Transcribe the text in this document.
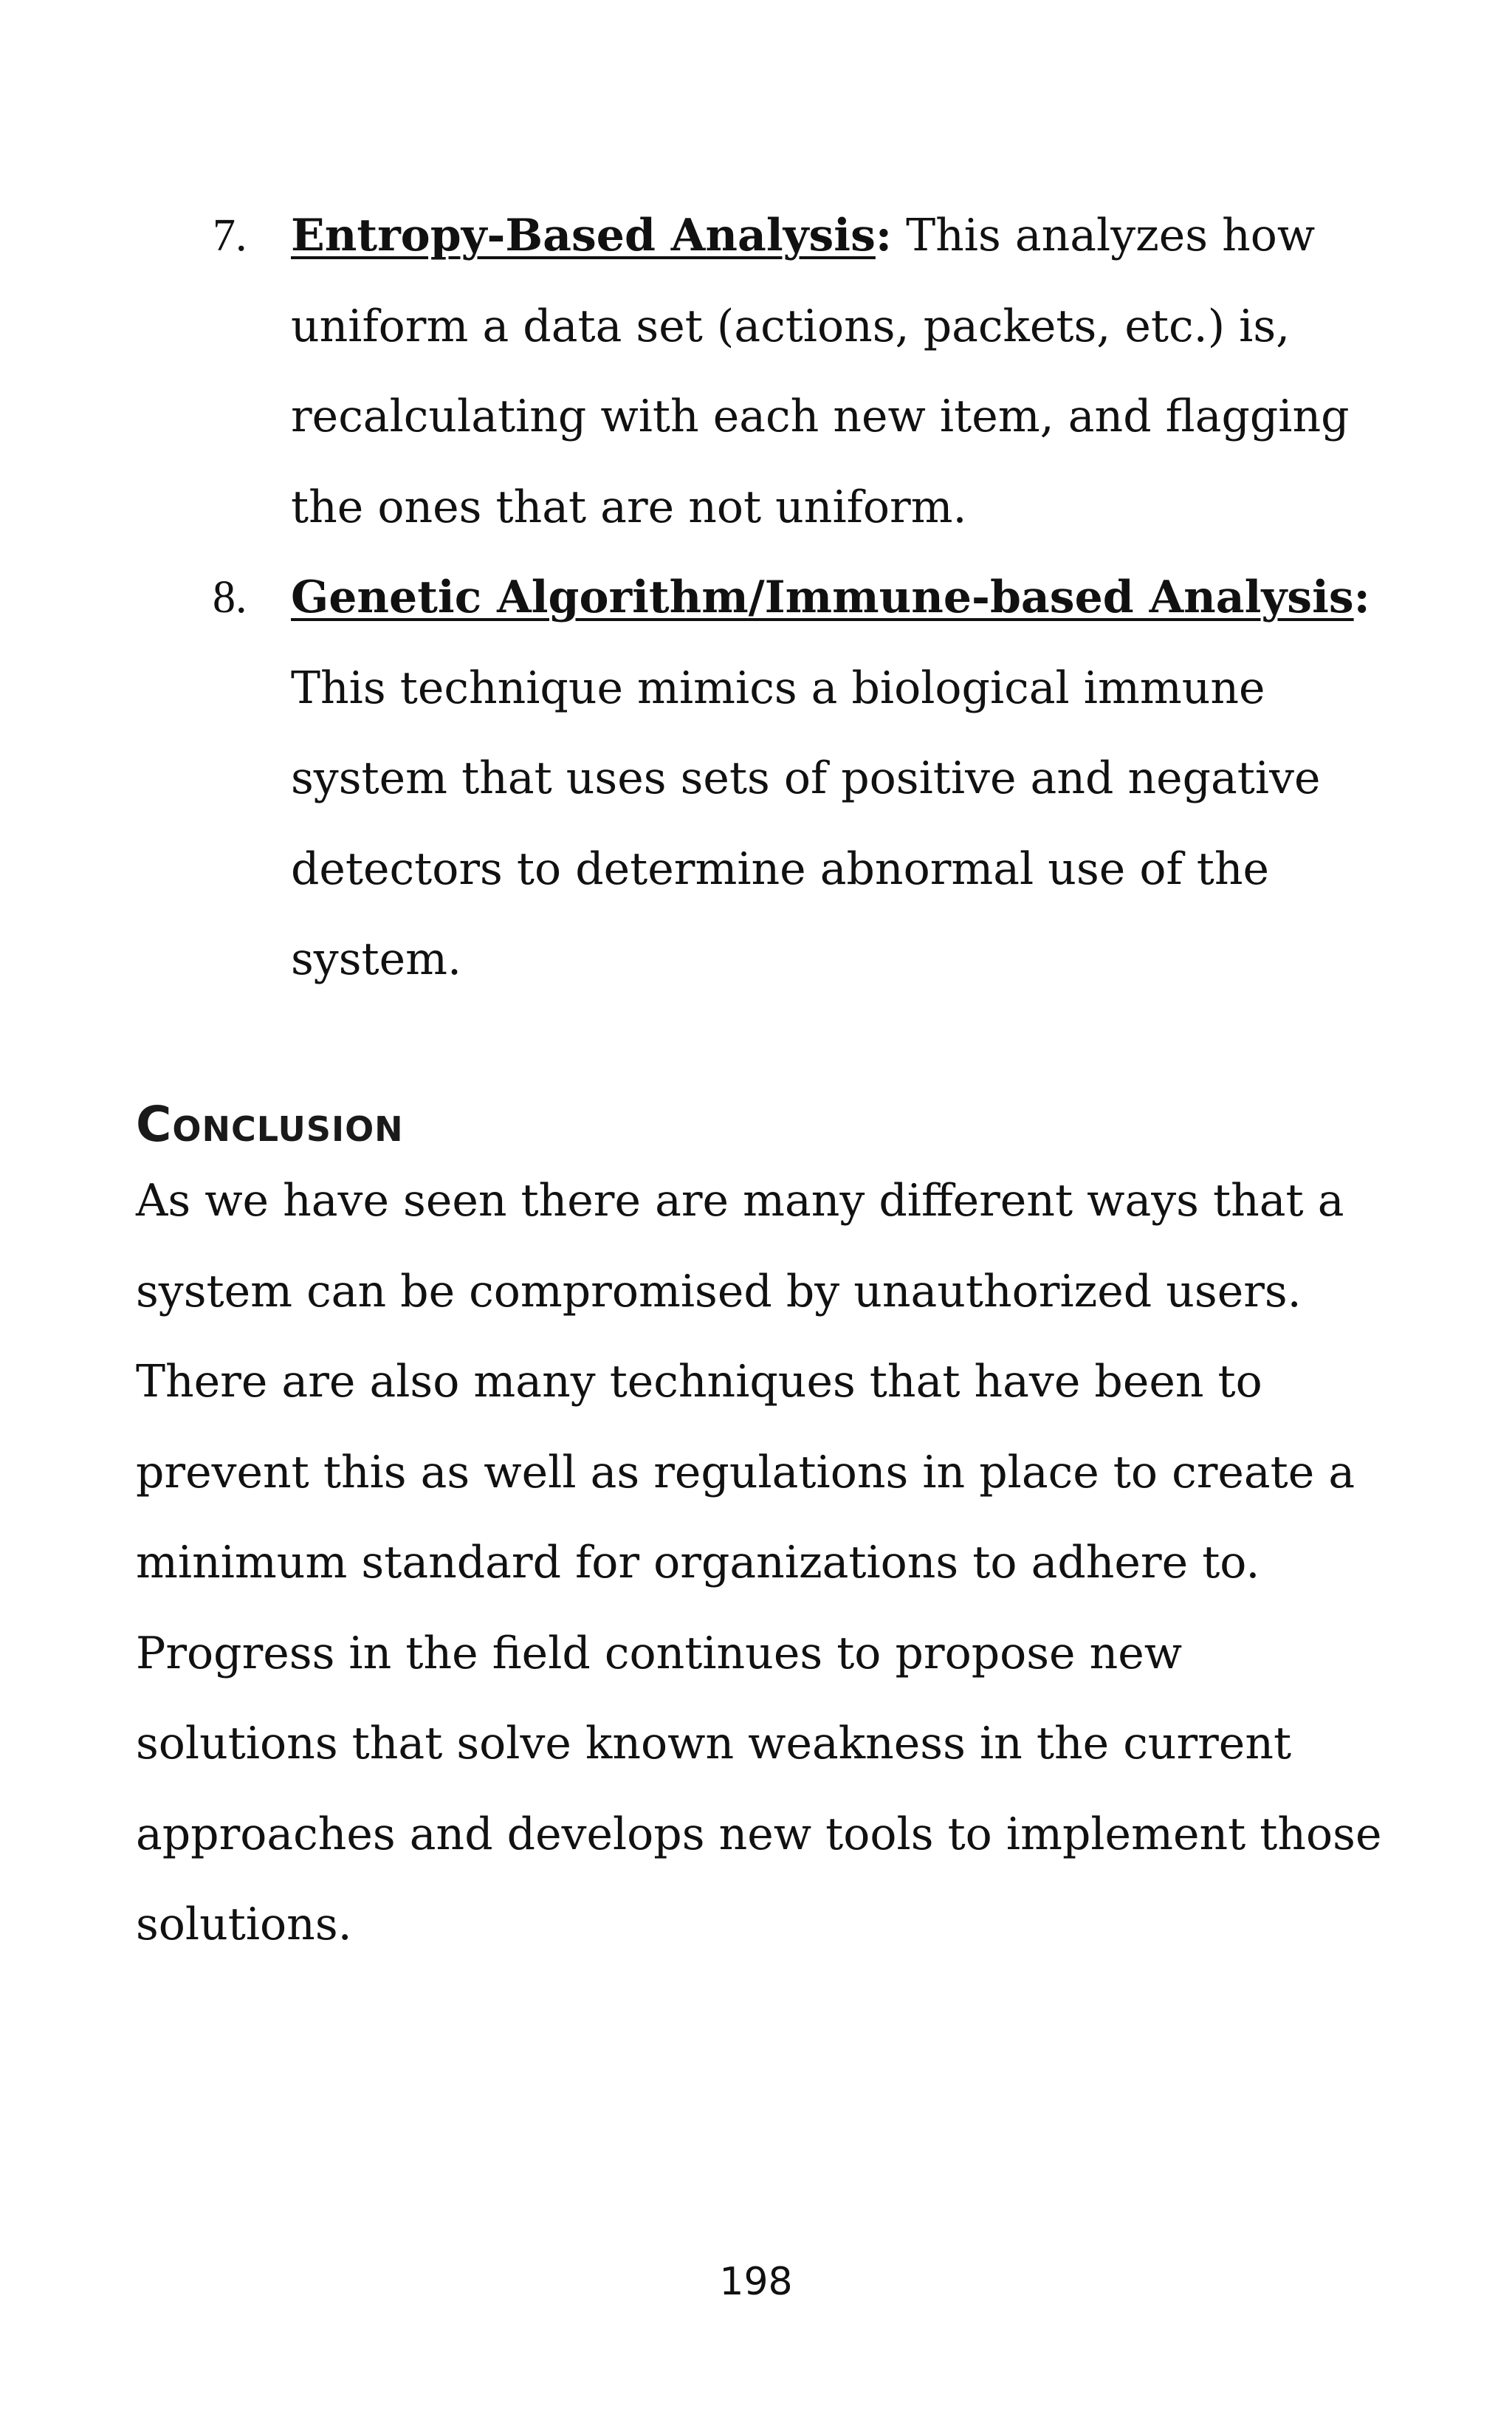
7. Entropy-Based Analysis: This analyzes how uniform a data set (actions, packets, etc.) is, recalculating with each new item, and flagging the ones that are not uniform.
8. Genetic Algorithm/Immune-based Analysis: This technique mimics a biological immune system that uses sets of positive and negative detectors to determine abnormal use of the system.
Conclusion

As we have seen there are many different ways that a system can be compromised by unauthorized users. There are also many techniques that have been to prevent this as well as regulations in place to create a minimum standard for organizations to adhere to. Progress in the field continues to propose new solutions that solve known weakness in the current approaches and develops new tools to implement those solutions.

198
